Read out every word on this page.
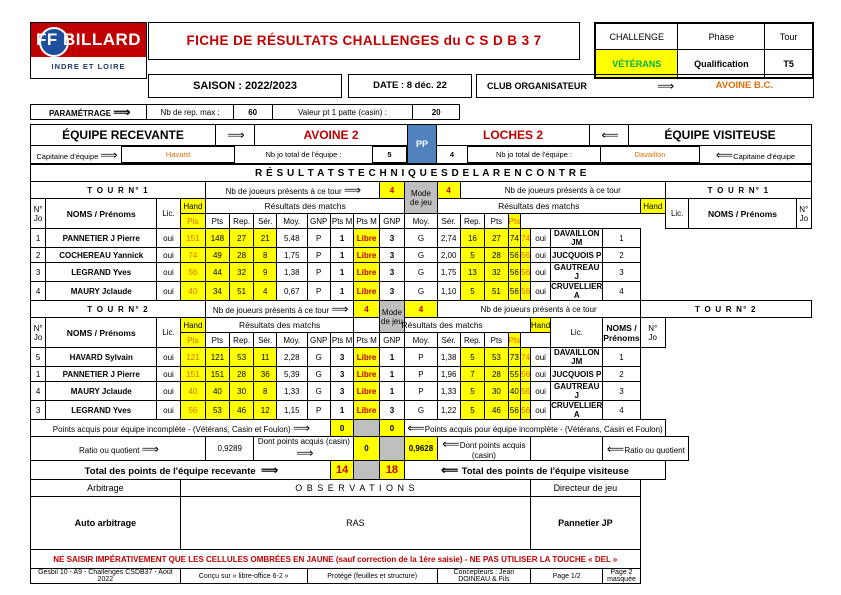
FF BILLARD
INDRE ET LOIRE
FICHE DE RÉSULTATS CHALLENGES du C S D B 3 7	CHALLENGE	Phase	Tour
VÉTÉRANS	Qualification	T5
SAISON : 2022/2023	DATE : 8 déc. 22	CLUB ORGANISATEUR	⟹	AVOINE B.C.
PARAMÉTRAGE ⟹	Nb de rep. max :	60	Valeur pt 1 patte (casin) :	20
ÉQUIPE RECEVANTE	⟹	AVOINE 2	PP	LOCHES 2	⟸	ÉQUIPE VISITEUSE

Capitaine d'équipe ⟹	Havard	Nb jo total de l'équipe :	5
		4	Nb jo total de l'équipe :	Davaillon	⟸ Capitaine d'équipe
R É S U L T A T S T E C H N I Q U E S D E L A R E N C O N T R E																								
T O U R N° 1				Nb de joueurs présents à ce tour ⟹							4	Mode
de jeu	4	Nb de joueurs présents à ce tour								T O U R N° 1		
N°
Jo	NOMS / Prénoms	Lic.	Hand	Résultats des matchs									Résultats des matchs								Hand	Lic.	NOMS / Prénoms	N°
Jo
			Pts	Pts	Rep.	Sér.	Moy.	GNP	Pts M	Pts M	GNP	Moy.	Sér.	Rep.	Pts	Pts								
1	PANNETIER J Pierre	oui	151	148	27	21	5,48	P	1	Libre	3	G	2,74	16	27	74	74	oui	DAVAILLON JM	1				
2	COCHEREAU Yannick	oui	74	49	28	8	1,75	P	1	Libre	3	G	2,00	5	28	56	56	oui	JUCQUOIS P	2				
3	LEGRAND Yves	oui	56	44	32	9	1,38	P	1	Libre	3	G	1,75	13	32	56	56	oui	GAUTREAU J	3				
4	MAURY Jclaude	oui	40	34	51	4	0,67	P	1	Libre	3	G	1,10	5	51	56	56	oui	CRUVELLIER A	4				
T O U R N° 2				Nb de joueurs présents à ce tour ⟹						4	Mode
de jeu	4	Nb de joueurs présents à ce tour								T O U R N° 2			
N°
Jo	NOMS / Prénoms	Lic.	Hand	Résultats des matchs						Résultats des matchs								Hand	Lic.	NOMS / Prénoms	N°
Jo			
			Pts	Pts	Rep.	Sér.	Moy.	GNP	Pts M	Pts M	GNP	Moy.	Sér.	Rep.	Pts	Pts								
5	HAVARD Sylvain	oui	121	121	53	11	2,28	G	3	Libre	1	P	1,38	5	53	73	74	oui	DAVAILLON JM	1				
1	PANNETIER J Pierre	oui	151	151	28	36	5,39	G	3	Libre	1	P	1,96	7	28	55	56	oui	JUCQUOIS P	2				
4	MAURY Jclaude	oui	40	40	30	8	1,33	G	3	Libre	1	P	1,33	5	30	40	56	oui	GAUTREAU J	3				
3	LEGRAND Yves	oui	56	53	46	12	1,15	P	1	Libre	3	G	1,22	5	46	56	56	oui	CRUVELLIER A	4				
Points acquis pour équipe incomplète - (Vétérans, Casin et Foulon) ⟹									0		0	⟸ Points acquis pour équipe incomplète - (Vétérans, Casin et Foulon)												
Ratio ou quotient ⟹				0,9289		Dont points acquis (casin) ⟹				0		0,9628	⟸ Dont points acquis (casin)							⟸ Ratio ou quotient				
Total des points de l'équipe recevante ⟹									14		18	⟸ Total des points de l'équipe visiteuse												
Arbitrage			O B S E R V A T I O N S															Directeur de jeu						
Auto arbitrage			RAS															Pannetier JP						
NE SAISIR IMPÉRATIVEMENT QUE LES CELLULES OMBRÉES EN JAUNE (sauf correction de la 1ère saisie) - NE PAS UTILISER LA TOUCHE « DEL »																								
Gesbil 10 - A9 - Challenges CSDB37 - Août 2022			Conçu sur « libre-office 6-2 »					Protégé (feuilles et structure)					Concepteurs : Jean DOINEAU & Fils					Page 1/2		Page 2 masquée				
